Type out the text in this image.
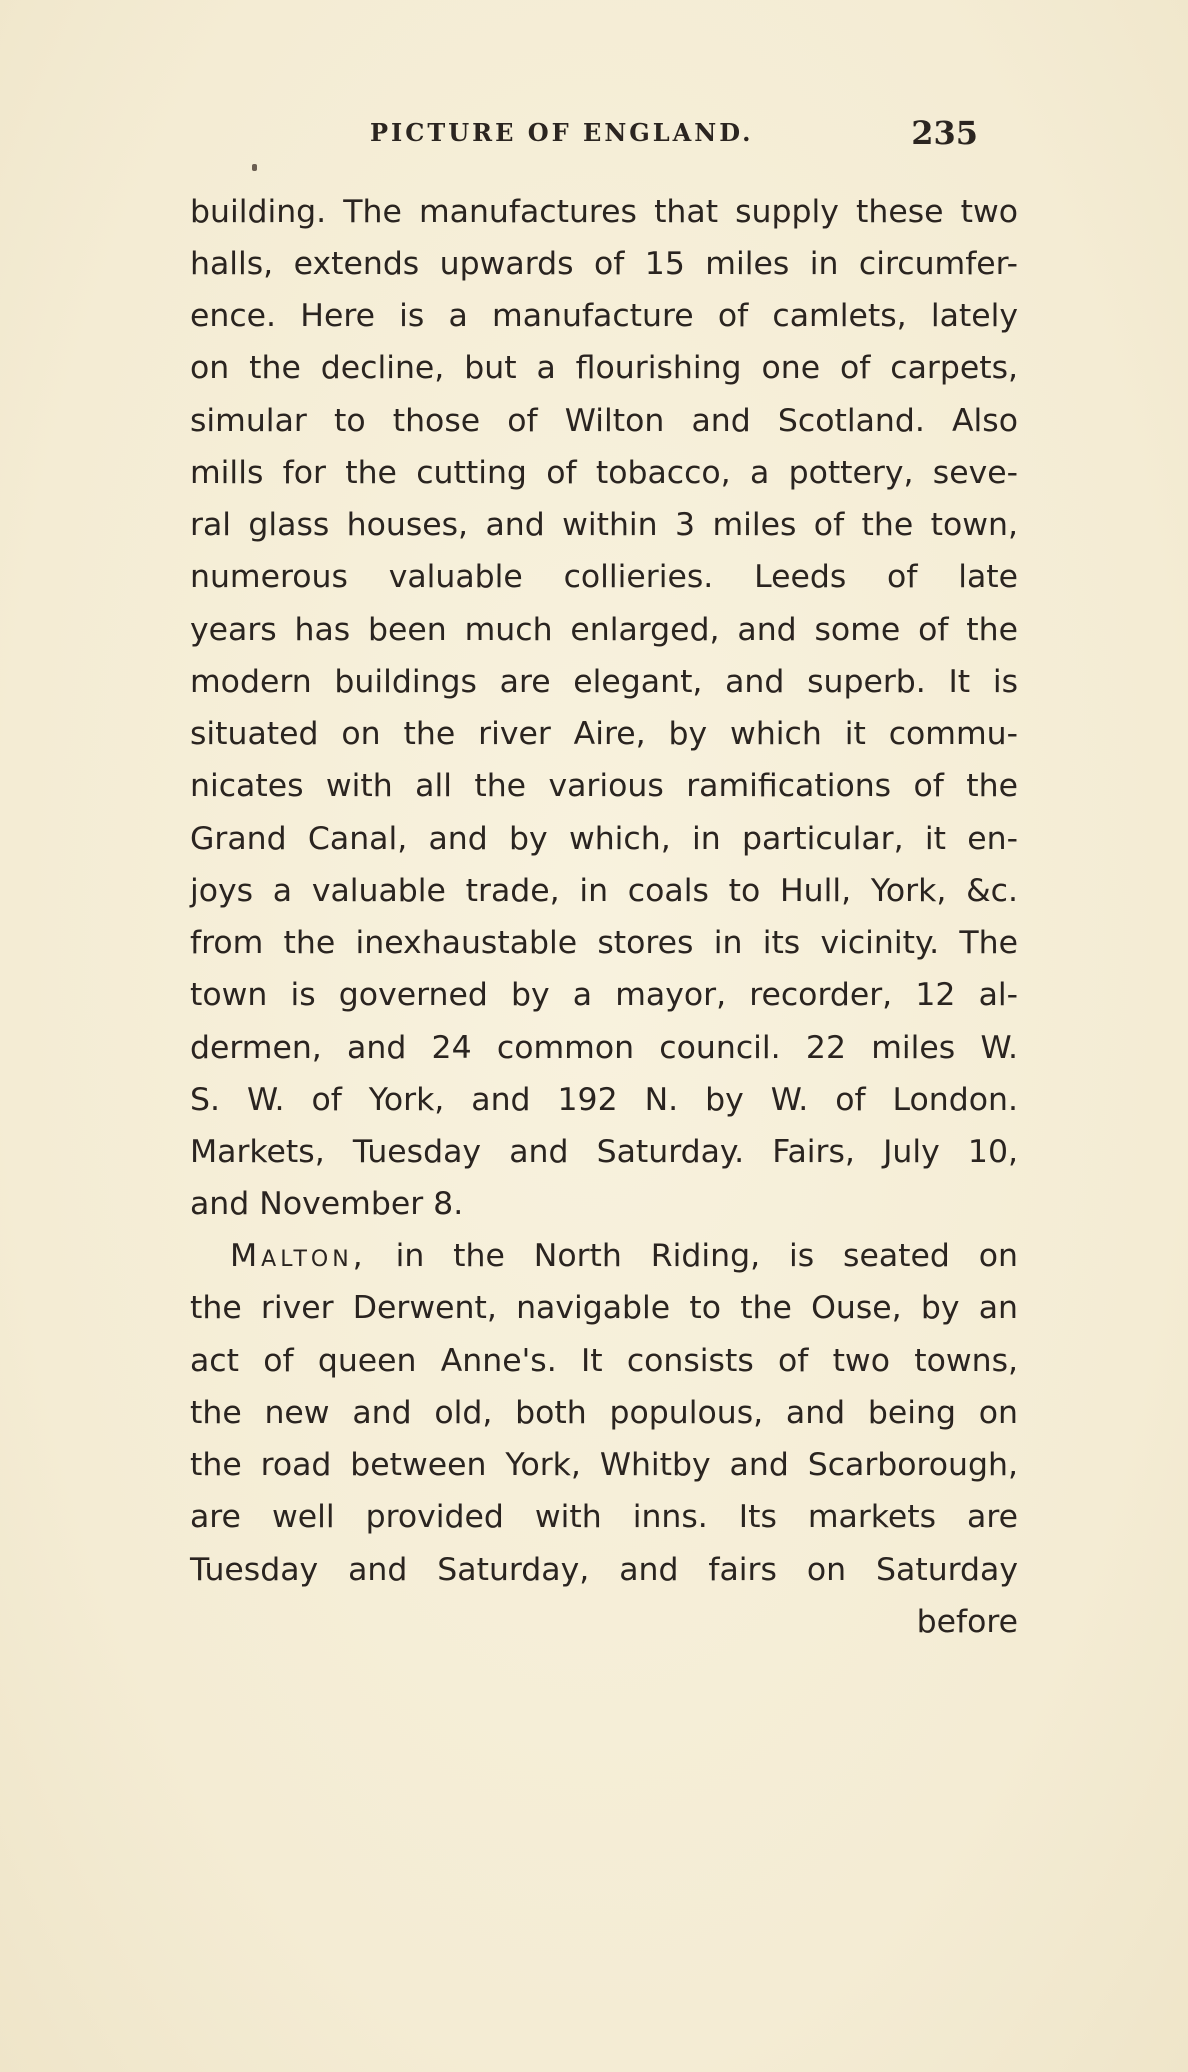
PICTURE OF ENGLAND.	235
building. The manufactures that supply these two
halls, extends upwards of 15 miles in circumfer-
ence. Here is a manufacture of camlets, lately
on the decline, but a flourishing one of carpets,
simular to those of Wilton and Scotland. Also
mills for the cutting of tobacco, a pottery, seve-
ral glass houses, and within 3 miles of the town,
numerous valuable collieries. Leeds of late
years has been much enlarged, and some of the
modern buildings are elegant, and superb. It is
situated on the river Aire, by which it commu-
nicates with all the various ramifications of the
Grand Canal, and by which, in particular, it en-
joys a valuable trade, in coals to Hull, York, &c.
from the inexhaustable stores in its vicinity. The
town is governed by a mayor, recorder, 12 al-
dermen, and 24 common council. 22 miles W.
S. W. of York, and 192 N. by W. of London.
Markets, Tuesday and Saturday. Fairs, July 10,
and November 8.
Malton, in the North Riding, is seated on
the river Derwent, navigable to the Ouse, by an
act of queen Anne's. It consists of two towns,
the new and old, both populous, and being on
the road between York, Whitby and Scarborough,
are well provided with inns. Its markets are
Tuesday and Saturday, and fairs on Saturday
before
